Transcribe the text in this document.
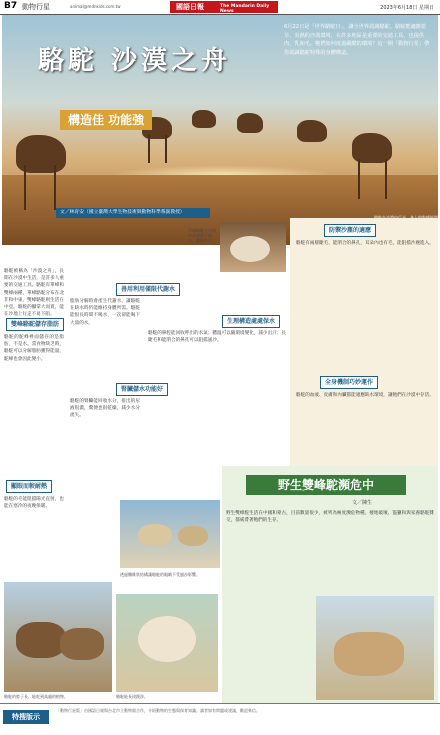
B7 動物行星	animal@mdnkids.com.tw	國語日報	The Mandarin Daily News
2023年6月18日 星期日
駱駝 沙漠之舟
構造佳 功能強
6月22日是「世界駱駝日」，讓全世界認識駱駝。駱駝能適應乾旱、炎熱的沙漠環境，在許多地區是重要的交通工具，也提供肉、乳和毛。牠們如何度過嚴酷的環境？這一期「動物行星」帶你認識駱駝特殊的身體構造。
文／林育安（國立臺灣大學生物技術與動物科學系副教授）
駱駝被稱為「沙漠之舟」，長期在沙漠中生活，是許多人重要的交通工具。駱駝有單峰和雙峰兩種，單峰駱駝分布在北非和中東，雙峰駱駝則生活在中亞。駱駝的腳掌大而寬，能在沙地上行走不易下陷。
雙峰駱駝儲存脂肪
駱駝的駝峰裡面儲存的是脂肪，不是水。當食物缺乏時，駱駝可以分解脂肪獲得能量，駝峰也會因此變小。
顯眼而較耐熱
駱駝的毛能阻擋陽光直射，也能在寒冷的夜晚保暖。
不論駱駝在沙漠中長時間不喝水，都能存活。
善用利用僅限代謝水
脂肪分解時會產生代謝水，讓駱駝在缺水時仍能維持身體所需。駱駝能很長時間不喝水，一次卻能喝下大量的水。
腎臟儲水功能好
駱駝的腎臟能回收水分，排出的尿液很濃，糞便也很乾燥，減少水分流失。
生理構造處處保水
駱駝的鼻腔能回收呼出的水氣；體溫可以隨環境變化，減少出汗；長睫毛和能閉合的鼻孔可以阻擋風沙。
防禦沙塵的適應
駱駝有兩層睫毛、能閉合的鼻孔，耳朵內也有毛，能阻擋沙塵進入。
全身機制巧妙運作
駱駝的血液、皮膚和內臟都能適應缺水環境，讓牠們在沙漠中存活。
透過纖維狀結構讓駱駝的眼睛不受風沙影響。
駱駝的脖子長，能吃到高處的植物。	駱駝能長途跋涉。
野生雙峰駝瀕危中
文／陳生
野生雙峰駝生活在中國和蒙古，目前數量很少，被列為極度瀕危物種。棲地破壞、盜獵和與家養駱駝雜交，都威脅著牠們的生存。
特搜版示
「動物行星版」由國語日報與台北市立動物園合作，介紹動物的生態與保育知識。讀者如有問題或建議，歡迎來信。
